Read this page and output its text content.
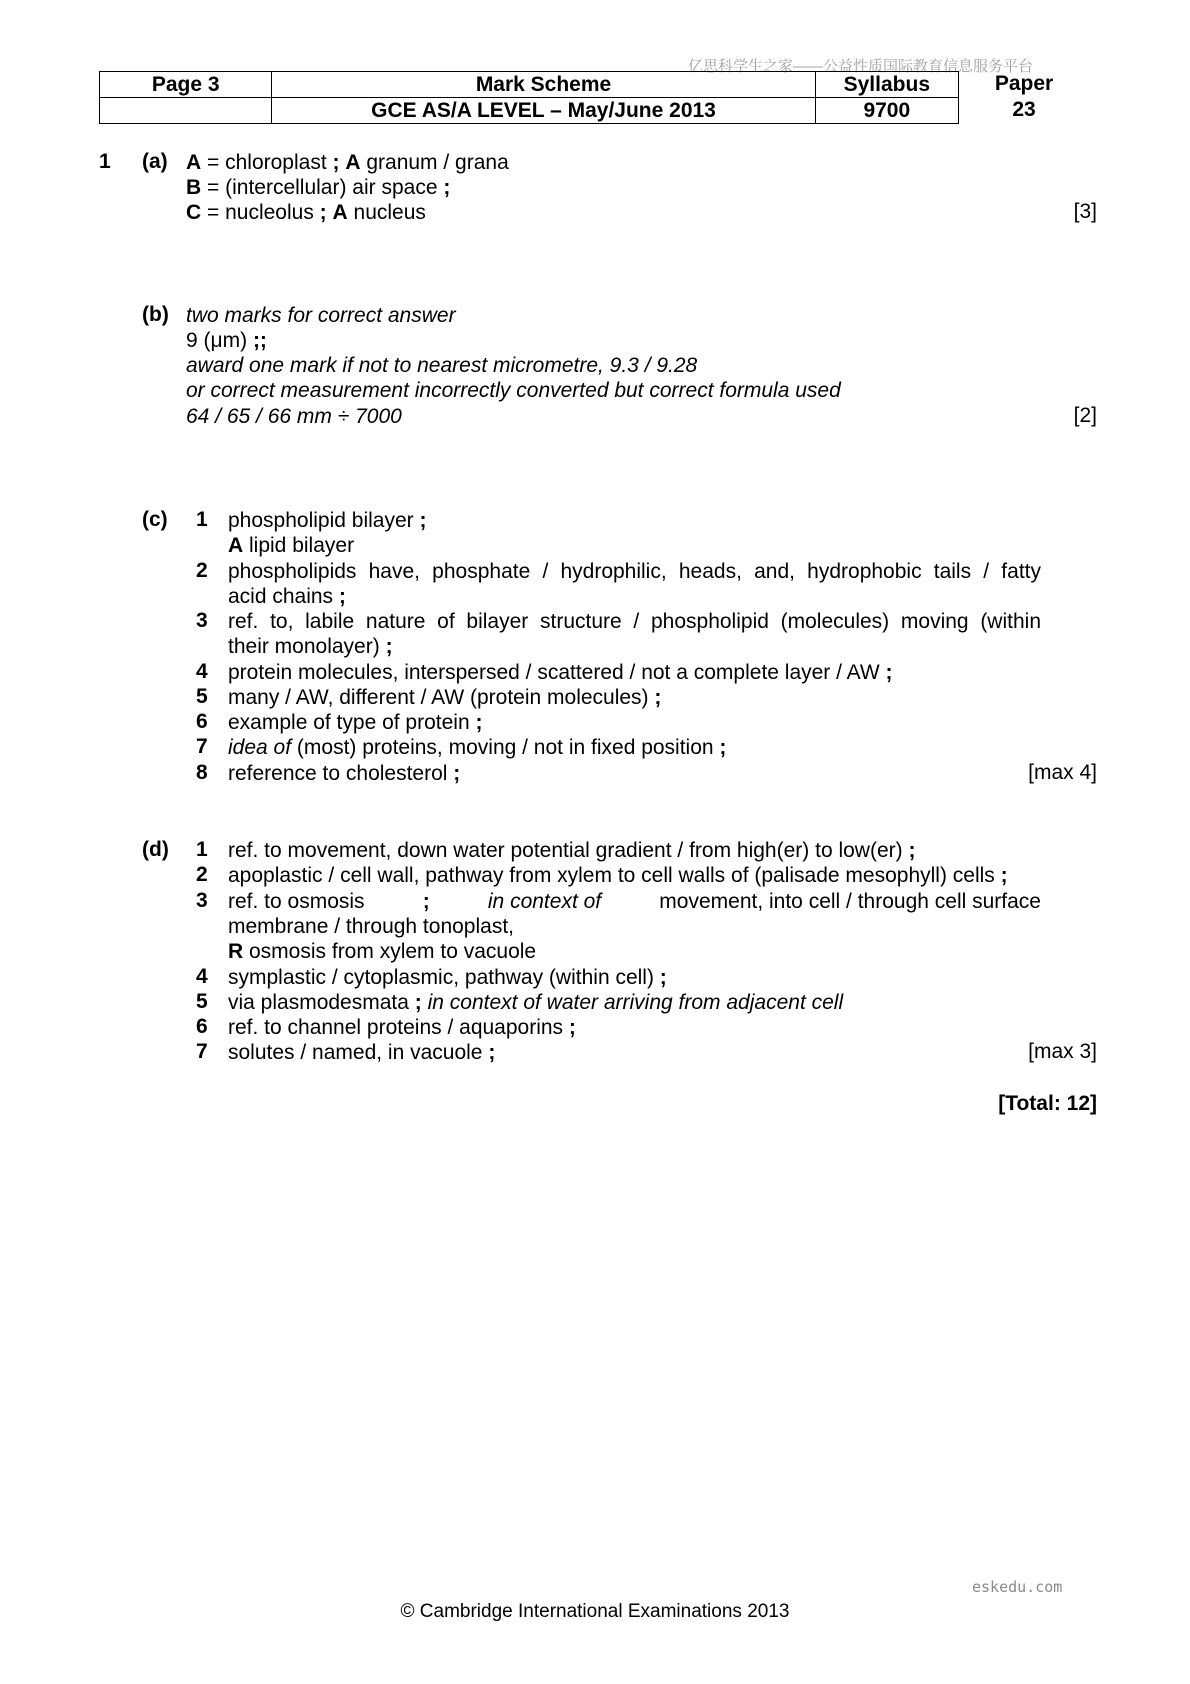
亿思科学生之家——公益性质国际教育信息服务平台
Page 3	Mark Scheme	Syllabus
	GCE AS/A LEVEL – May/June 2013	9700
Paper
23
1 (a) A = chloroplast ; A granum / grana
B = (intercellular) air space ;
C = nucleolus ; A nucleus	[3]
(b) two marks for correct answer
9 (μm) ;;
award one mark if not to nearest micrometre, 9.3 / 9.28
or correct measurement incorrectly converted but correct formula used
64 / 65 / 66 mm ÷ 7000	[2]
(c) 1 phospholipid bilayer ;
A lipid bilayer
2 phospholipids have, phosphate / hydrophilic, heads, and, hydrophobic tails / fatty
acid chains ;
3 ref. to, labile nature of bilayer structure / phospholipid (molecules) moving (within
their monolayer) ;
4 protein molecules, interspersed / scattered / not a complete layer / AW ;
5 many / AW, different / AW (protein molecules) ;
6 example of type of protein ;
7 idea of (most) proteins, moving / not in fixed position ;
8 reference to cholesterol ;	[max 4]
(d) 1 ref. to movement, down water potential gradient / from high(er) to low(er) ;
2 apoplastic / cell wall, pathway from xylem to cell walls of (palisade mesophyll) cells ;
3 ref. to osmosis	;	in context of	movement, into cell / through cell surface
membrane / through tonoplast,
R osmosis from xylem to vacuole
4 symplastic / cytoplasmic, pathway (within cell) ;
5 via plasmodesmata ; in context of water arriving from adjacent cell
6 ref. to channel proteins / aquaporins ;
7 solutes / named, in vacuole ;	[max 3]
[Total: 12]
eskedu.com
© Cambridge International Examinations 2013
